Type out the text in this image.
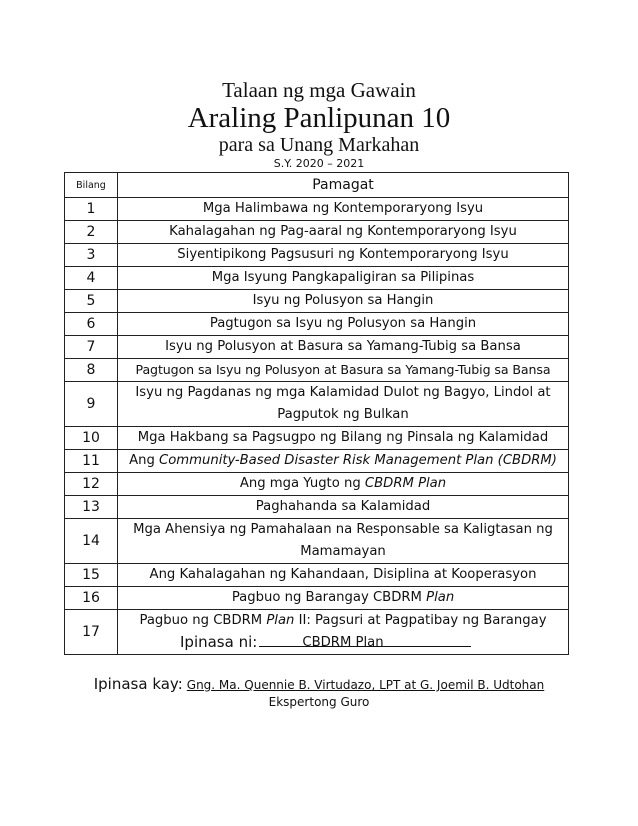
Talaan ng mga Gawain
Araling Panlipunan 10
para sa Unang Markahan
S.Y. 2020 – 2021
Bilang	Pamagat
1	Mga Halimbawa ng Kontemporaryong Isyu
2	Kahalagahan ng Pag-aaral ng Kontemporaryong Isyu
3	Siyentipikong Pagsusuri ng Kontemporaryong Isyu
4	Mga Isyung Pangkapaligiran sa Pilipinas
5	Isyu ng Polusyon sa Hangin
6	Pagtugon sa Isyu ng Polusyon sa Hangin
7	Isyu ng Polusyon at Basura sa Yamang-Tubig sa Bansa
8	Pagtugon sa Isyu ng Polusyon at Basura sa Yamang-Tubig sa Bansa
9	Isyu ng Pagdanas ng mga Kalamidad Dulot ng Bagyo, Lindol at Pagputok ng Bulkan
10	Mga Hakbang sa Pagsugpo ng Bilang ng Pinsala ng Kalamidad
11	Ang Community-Based Disaster Risk Management Plan (CBDRM)
12	Ang mga Yugto ng CBDRM Plan
13	Paghahanda sa Kalamidad
14	Mga Ahensiya ng Pamahalaan na Responsable sa Kaligtasan ng Mamamayan
15	Ang Kahalagahan ng Kahandaan, Disiplina at Kooperasyon
16	Pagbuo ng Barangay CBDRM Plan
17	Pagbuo ng CBDRM Plan II: Pagsuri at Pagpatibay ng Barangay CBDRM Plan
Ipinasa ni:
Ipinasa kay: Gng. Ma. Quennie B. Virtudazo, LPT at G. Joemil B. Udtohan
Ekspertong Guro
